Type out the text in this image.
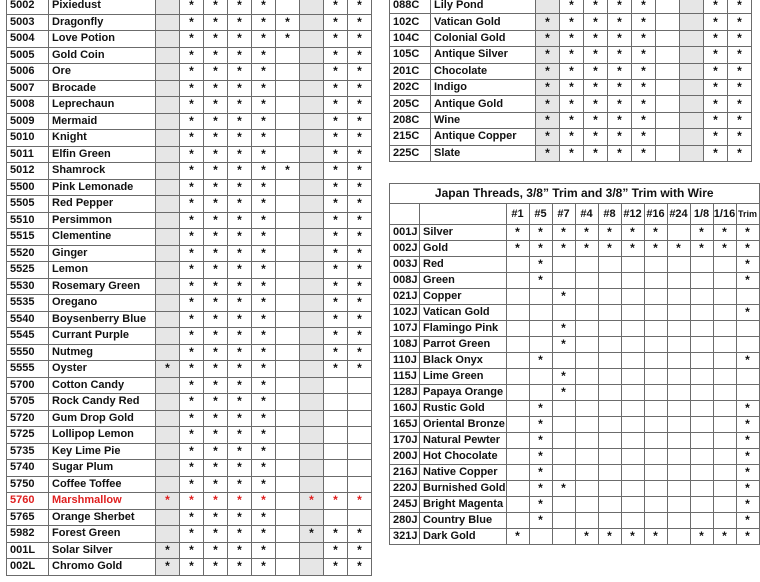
5002	Pixiedust		*	*	*	*			*	*
5003	Dragonfly		*	*	*	*	*		*	*
5004	Love Potion		*	*	*	*	*		*	*
5005	Gold Coin		*	*	*	*			*	*
5006	Ore		*	*	*	*			*	*
5007	Brocade		*	*	*	*			*	*
5008	Leprechaun		*	*	*	*			*	*
5009	Mermaid		*	*	*	*			*	*
5010	Knight		*	*	*	*			*	*
5011	Elfin Green		*	*	*	*			*	*
5012	Shamrock		*	*	*	*	*		*	*
5500	Pink Lemonade		*	*	*	*			*	*
5505	Red Pepper		*	*	*	*			*	*
5510	Persimmon		*	*	*	*			*	*
5515	Clementine		*	*	*	*			*	*
5520	Ginger		*	*	*	*			*	*
5525	Lemon		*	*	*	*			*	*
5530	Rosemary Green		*	*	*	*			*	*
5535	Oregano		*	*	*	*			*	*
5540	Boysenberry Blue		*	*	*	*			*	*
5545	Currant Purple		*	*	*	*			*	*
5550	Nutmeg		*	*	*	*			*	*
5555	Oyster	*	*	*	*	*			*	*
5700	Cotton Candy		*	*	*	*				
5705	Rock Candy Red		*	*	*	*				
5720	Gum Drop Gold		*	*	*	*				
5725	Lollipop Lemon		*	*	*	*				
5735	Key Lime Pie		*	*	*	*				
5740	Sugar Plum		*	*	*	*				
5750	Coffee Toffee		*	*	*	*				
5760	Marshmallow	*	*	*	*	*		*	*	*
5765	Orange Sherbet		*	*	*	*				
5982	Forest Green		*	*	*	*		*	*	*
001L	Solar Silver	*	*	*	*	*			*	*
002L	Chromo Gold	*	*	*	*	*			*	*
088C	Lily Pond		*	*	*	*			*	*
102C	Vatican Gold	*	*	*	*	*			*	*
104C	Colonial Gold	*	*	*	*	*			*	*
105C	Antique Silver	*	*	*	*	*			*	*
201C	Chocolate	*	*	*	*	*			*	*
202C	Indigo	*	*	*	*	*			*	*
205C	Antique Gold	*	*	*	*	*			*	*
208C	Wine	*	*	*	*	*			*	*
215C	Antique Copper	*	*	*	*	*			*	*
225C	Slate	*	*	*	*	*			*	*
Japan Threads, 3/8” Trim and 3/8” Trim with Wire												
		#1	#5	#7	#4	#8	#12	#16	#24	1/8	1/16	Trim
001J	Silver	*	*	*	*	*	*	*		*	*	*
002J	Gold	*	*	*	*	*	*	*	*	*	*	*
003J	Red		*									*
008J	Green		*									*
021J	Copper			*								
102J	Vatican Gold											*
107J	Flamingo Pink			*								
108J	Parrot Green			*								
110J	Black Onyx		*									*
115J	Lime Green			*								
128J	Papaya Orange			*								
160J	Rustic Gold		*									*
165J	Oriental Bronze		*									*
170J	Natural Pewter		*									*
200J	Hot Chocolate		*									*
216J	Native Copper		*									*
220J	Burnished Gold		*	*								*
245J	Bright Magenta		*									*
280J	Country Blue		*									*
321J	Dark Gold	*			*	*	*	*		*	*	*
